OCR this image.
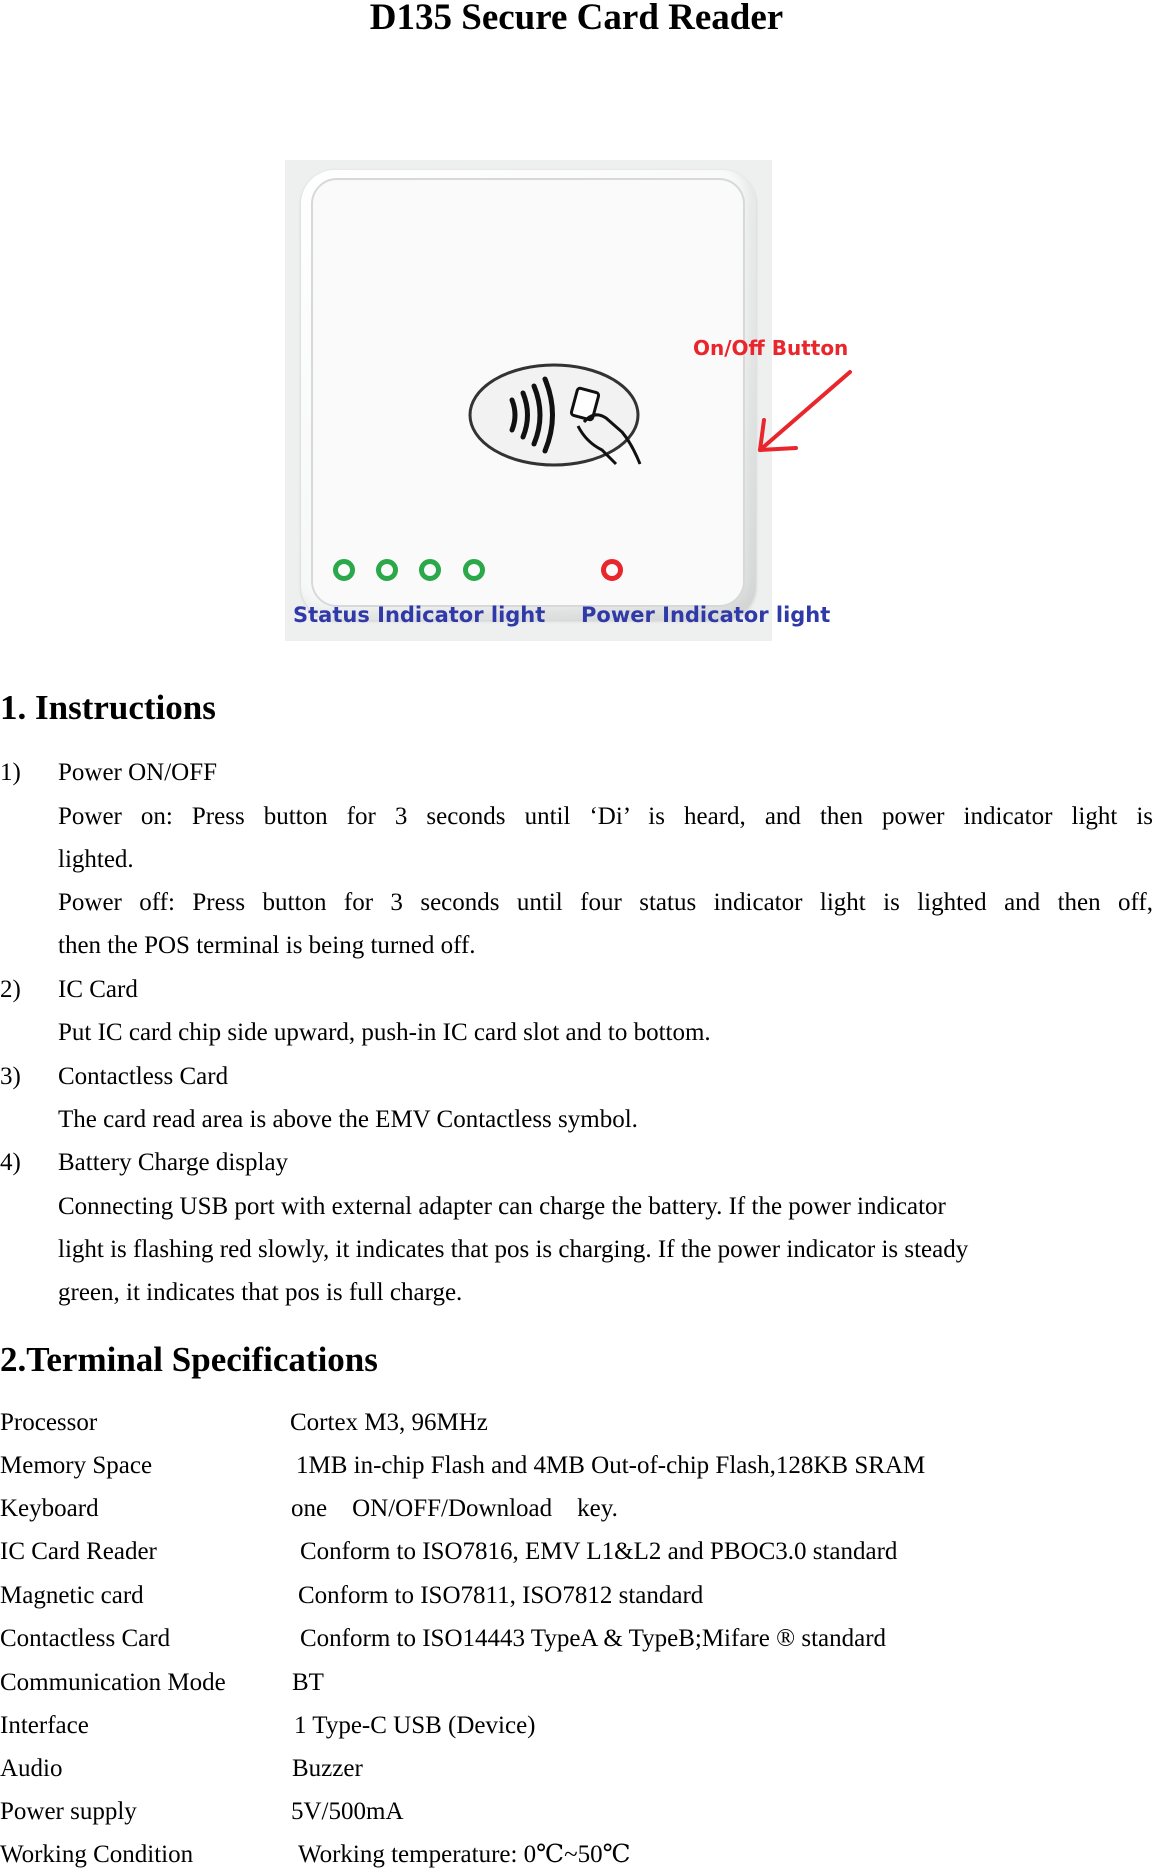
D135 Secure Card Reader
Status Indicator light Power Indicator light
On/Off Button
1. Instructions
1) Power ON/OFF
Power on: Press button for 3 seconds until ‘Di’ is heard, and then power indicator light is
lighted.
Power off: Press button for 3 seconds until four status indicator light is lighted and then off,
then the POS terminal is being turned off.
2) IC Card
Put IC card chip side upward, push-in IC card slot and to bottom.
3) Contactless Card
The card read area is above the EMV Contactless symbol.
4) Battery Charge display
Connecting USB port with external adapter can charge the battery. If the power indicator
light is flashing red slowly, it indicates that pos is charging. If the power indicator is steady
green, it indicates that pos is full charge.
2.Terminal Specifications
Processor	Cortex M3, 96MHz
Memory Space	1MB in-chip Flash and 4MB Out-of-chip Flash,128KB SRAM
Keyboard	one    ON/OFF/Download    key.
IC Card Reader	Conform to ISO7816, EMV L1&L2 and PBOC3.0 standard
Magnetic card	Conform to ISO7811, ISO7812 standard
Contactless Card	Conform to ISO14443 TypeA & TypeB;Mifare ® standard
Communication Mode	BT
Interface	1 Type-C USB (Device)
Audio	Buzzer
Power supply	5V/500mA
Working Condition	Working temperature: 0℃~50℃
